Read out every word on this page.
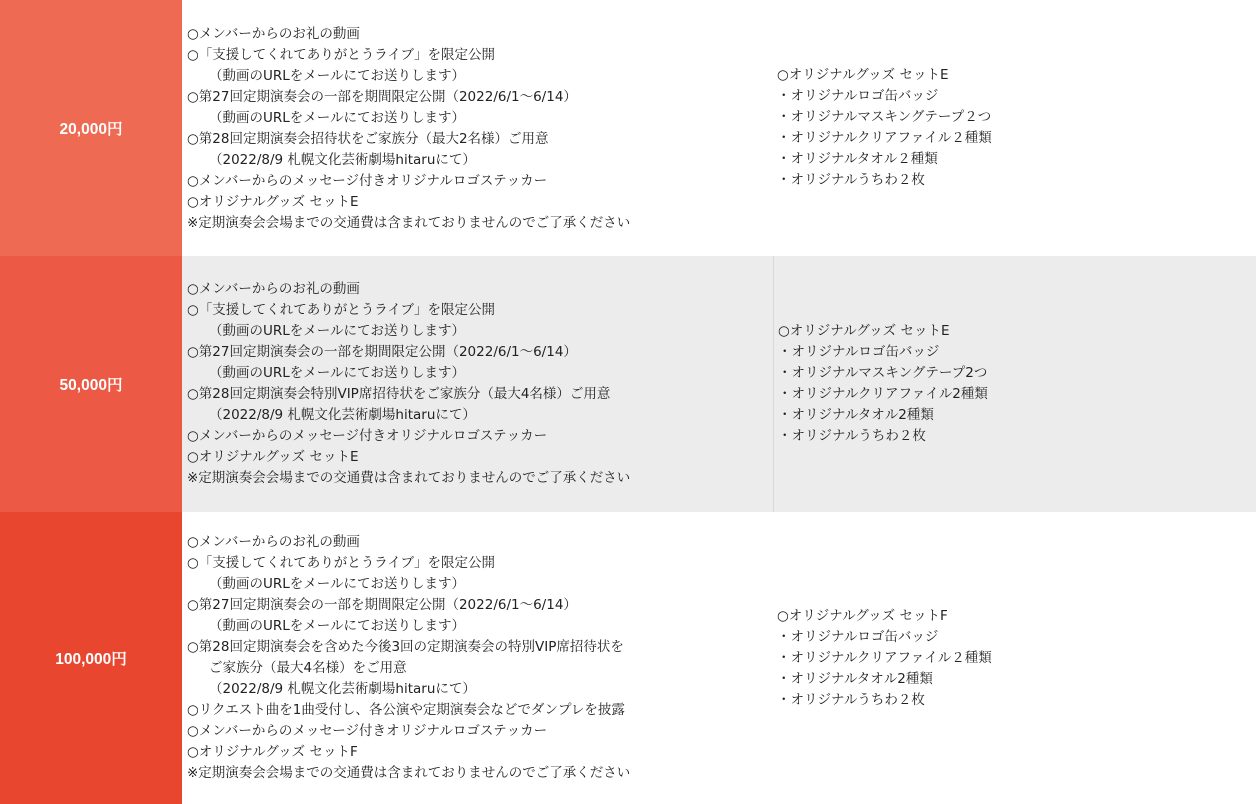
20,000円
○メンバーからのお礼の動画
○「支援してくれてありがとうライブ」を限定公開
（動画のURLをメールにてお送りします）
○第27回定期演奏会の一部を期間限定公開（2022/6/1～6/14）
（動画のURLをメールにてお送りします）
○第28回定期演奏会招待状をご家族分（最大2名様）ご用意
（2022/8/9 札幌文化芸術劇場hitaruにて）
○メンバーからのメッセージ付きオリジナルロゴステッカー
○オリジナルグッズ セットE
※定期演奏会会場までの交通費は含まれておりませんのでご了承ください
○オリジナルグッズ セットE
・オリジナルロゴ缶バッジ
・オリジナルマスキングテープ２つ
・オリジナルクリアファイル２種類
・オリジナルタオル２種類
・オリジナルうちわ２枚
50,000円
○メンバーからのお礼の動画
○「支援してくれてありがとうライブ」を限定公開
（動画のURLをメールにてお送りします）
○第27回定期演奏会の一部を期間限定公開（2022/6/1～6/14）
（動画のURLをメールにてお送りします）
○第28回定期演奏会特別VIP席招待状をご家族分（最大4名様）ご用意
（2022/8/9 札幌文化芸術劇場hitaruにて）
○メンバーからのメッセージ付きオリジナルロゴステッカー
○オリジナルグッズ セットE
※定期演奏会会場までの交通費は含まれておりませんのでご了承ください
○オリジナルグッズ セットE
・オリジナルロゴ缶バッジ
・オリジナルマスキングテープ2つ
・オリジナルクリアファイル2種類
・オリジナルタオル2種類
・オリジナルうちわ２枚
100,000円
○メンバーからのお礼の動画
○「支援してくれてありがとうライブ」を限定公開
（動画のURLをメールにてお送りします）
○第27回定期演奏会の一部を期間限定公開（2022/6/1～6/14）
（動画のURLをメールにてお送りします）
○第28回定期演奏会を含めた今後3回の定期演奏会の特別VIP席招待状を
ご家族分（最大4名様）をご用意
（2022/8/9 札幌文化芸術劇場hitaruにて）
○リクエスト曲を1曲受付し、各公演や定期演奏会などでダンプレを披露
○メンバーからのメッセージ付きオリジナルロゴステッカー
○オリジナルグッズ セットF
※定期演奏会会場までの交通費は含まれておりませんのでご了承ください
○オリジナルグッズ セットF
・オリジナルロゴ缶バッジ
・オリジナルクリアファイル２種類
・オリジナルタオル2種類
・オリジナルうちわ２枚
